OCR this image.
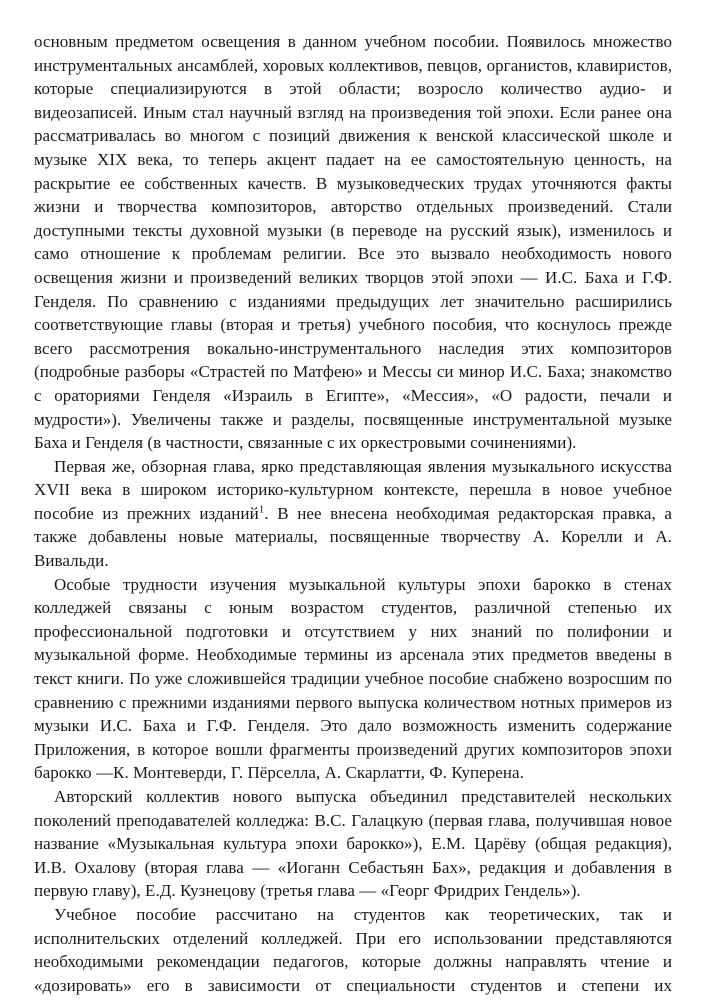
основным предметом освещения в данном учебном пособии. Появилось множество инструментальных ансамблей, хоровых коллективов, певцов, органистов, клавиристов, которые специализируются в этой области; возросло количество аудио- и видеозаписей. Иным стал научный взгляд на произведения той эпохи. Если ранее она рассматривалась во многом с позиций движения к венской классической школе и музыке XIX века, то теперь акцент падает на ее самостоятельную ценность, на раскрытие ее собственных качеств. В музыковедческих трудах уточняются факты жизни и творчества композиторов, авторство отдельных произведений. Стали доступными тексты духовной музыки (в переводе на русский язык), изменилось и само отношение к проблемам религии. Все это вызвало необходимость нового освещения жизни и произведений великих творцов этой эпохи — И.С. Баха и Г.Ф. Генделя. По сравнению с изданиями предыдущих лет значительно расширились соответствующие главы (вторая и третья) учебного пособия, что коснулось прежде всего рассмотрения вокально-инструментального наследия этих композиторов (подробные разборы «Страстей по Матфею» и Мессы си минор И.С. Баха; знакомство с ораториями Генделя «Израиль в Египте», «Мессия», «О радости, печали и мудрости»). Увеличены также и разделы, посвященные инструментальной музыке Баха и Генделя (в частности, связанные с их оркестровыми сочинениями).

Первая же, обзорная глава, ярко представляющая явления музыкального искусства XVII века в широком историко-культурном контексте, перешла в новое учебное пособие из прежних изданий$^1$. В нее внесена необходимая редакторская правка, а также добавлены новые материалы, посвященные творчеству А. Корелли и А. Вивальди.

Особые трудности изучения музыкальной культуры эпохи барокко в стенах колледжей связаны с юным возрастом студентов, различной степенью их профессиональной подготовки и отсутствием у них знаний по полифонии и музыкальной форме. Необходимые термины из арсенала этих предметов введены в текст книги. По уже сложившейся традиции учебное пособие снабжено возросшим по сравнению с прежними изданиями первого выпуска количеством нотных примеров из музыки И.С. Баха и Г.Ф. Генделя. Это дало возможность изменить содержание Приложения, в которое вошли фрагменты произведений других композиторов эпохи барокко —К. Монтеверди, Г. Пёрселла, А. Скарлатти, Ф. Куперена.

Авторский коллектив нового выпуска объединил представителей нескольких поколений преподавателей колледжа: В.С. Галацкую (первая глава, получившая новое название «Музыкальная культура эпохи барокко»), Е.М. Царёву (общая редакция), И.В. Охалову (вторая глава — «Иоганн Себастьян Бах», редакция и добавления в первую главу), Е.Д. Кузнецову (третья глава — «Георг Фридрих Гендель»).

Учебное пособие рассчитано на студентов как теоретических, так и исполнительских отделений колледжей. При его использовании представляются необходимыми рекомендации педагогов, которые должны направлять чтение и «дозировать» его в зависимости от специальности студентов и степени их
